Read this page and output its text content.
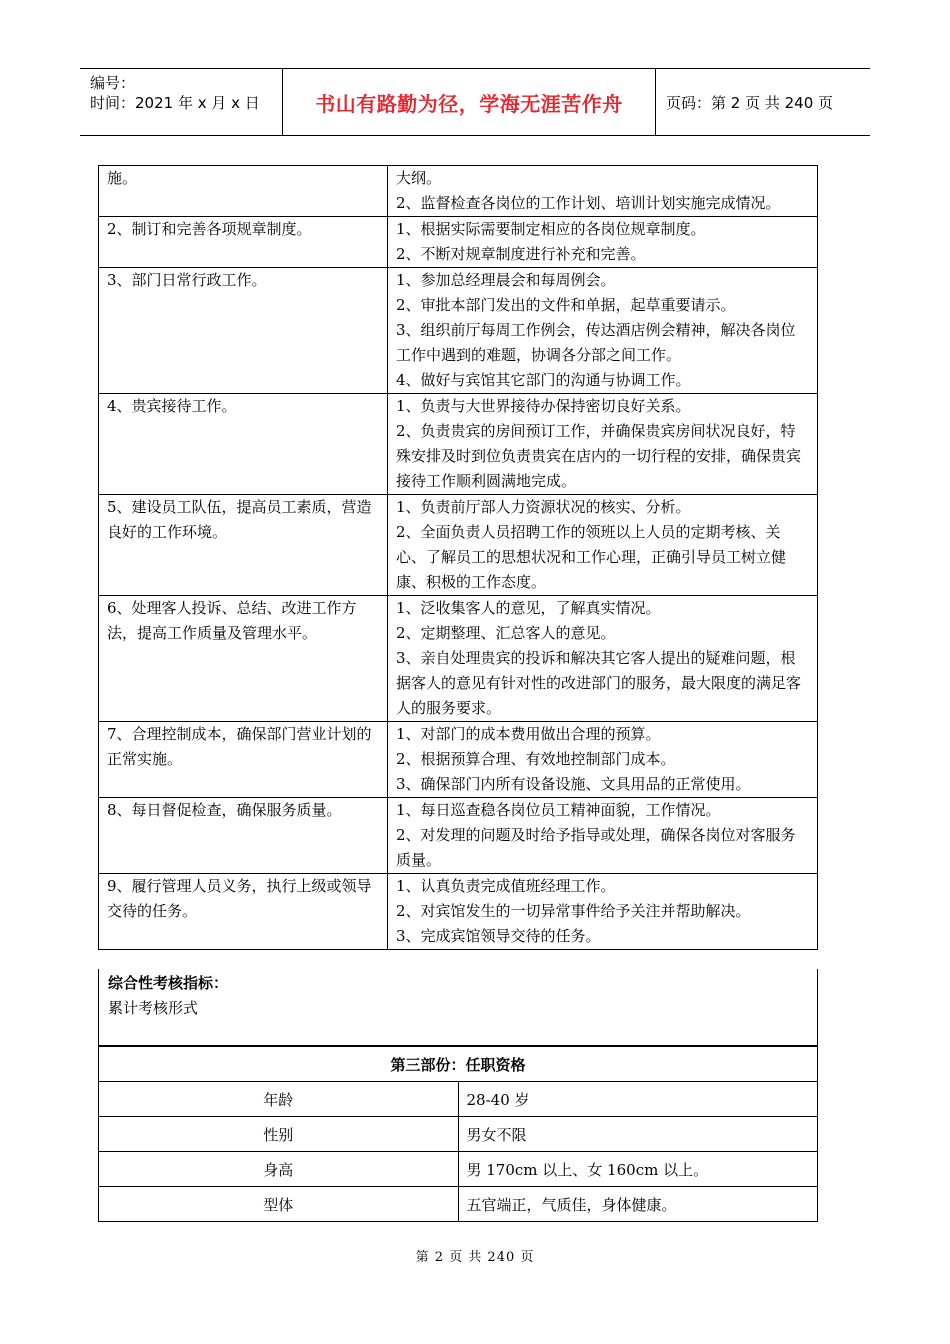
编号：
时间：2021 年 x 月 x 日	书山有路勤为径，学海无涯苦作舟	页码：第 2 页 共 240 页
施。	大纲。
2、监督检查各岗位的工作计划、培训计划实施完成情况。

2、制订和完善各项规章制度。	1、根据实际需要制定相应的各岗位规章制度。
2、不断对规章制度进行补充和完善。

3、部门日常行政工作。	1、参加总经理晨会和每周例会。
2、审批本部门发出的文件和单据，起草重要请示。
3、组织前厅每周工作例会，传达酒店例会精神，解决各岗位工作中遇到的难题，协调各分部之间工作。
4、做好与宾馆其它部门的沟通与协调工作。

4、贵宾接待工作。	1、负责与大世界接待办保持密切良好关系。
2、负责贵宾的房间预订工作，并确保贵宾房间状况良好，特殊安排及时到位负责贵宾在店内的一切行程的安排，确保贵宾接待工作顺利圆满地完成。

5、建设员工队伍，提高员工素质，营造良好的工作环境。	1、负责前厅部人力资源状况的核实、分析。
2、全面负责人员招聘工作的领班以上人员的定期考核、关心、了解员工的思想状况和工作心理，正确引导员工树立健康、积极的工作态度。

6、处理客人投诉、总结、改进工作方法，提高工作质量及管理水平。	1、泛收集客人的意见，了解真实情况。
2、定期整理、汇总客人的意见。
3、亲自处理贵宾的投诉和解决其它客人提出的疑难问题，根据客人的意见有针对性的改进部门的服务，最大限度的满足客人的服务要求。

7、合理控制成本，确保部门营业计划的正常实施。	1、对部门的成本费用做出合理的预算。
2、根据预算合理、有效地控制部门成本。
3、确保部门内所有设备设施、文具用品的正常使用。

8、每日督促检查，确保服务质量。	1、每日巡查稳各岗位员工精神面貌，工作情况。
2、对发理的问题及时给予指导或处理，确保各岗位对客服务质量。

9、履行管理人员义务，执行上级或领导交待的任务。	1、认真负责完成值班经理工作。
2、对宾馆发生的一切异常事件给予关注并帮助解决。
3、完成宾馆领导交待的任务。
综合性考核指标：
累计考核形式
第三部份：任职资格	
年龄	28-40 岁
性别	男女不限
身高	男 170cm 以上、女 160cm 以上。
型体	五官端正，气质佳，身体健康。
第 2 页 共 240 页
